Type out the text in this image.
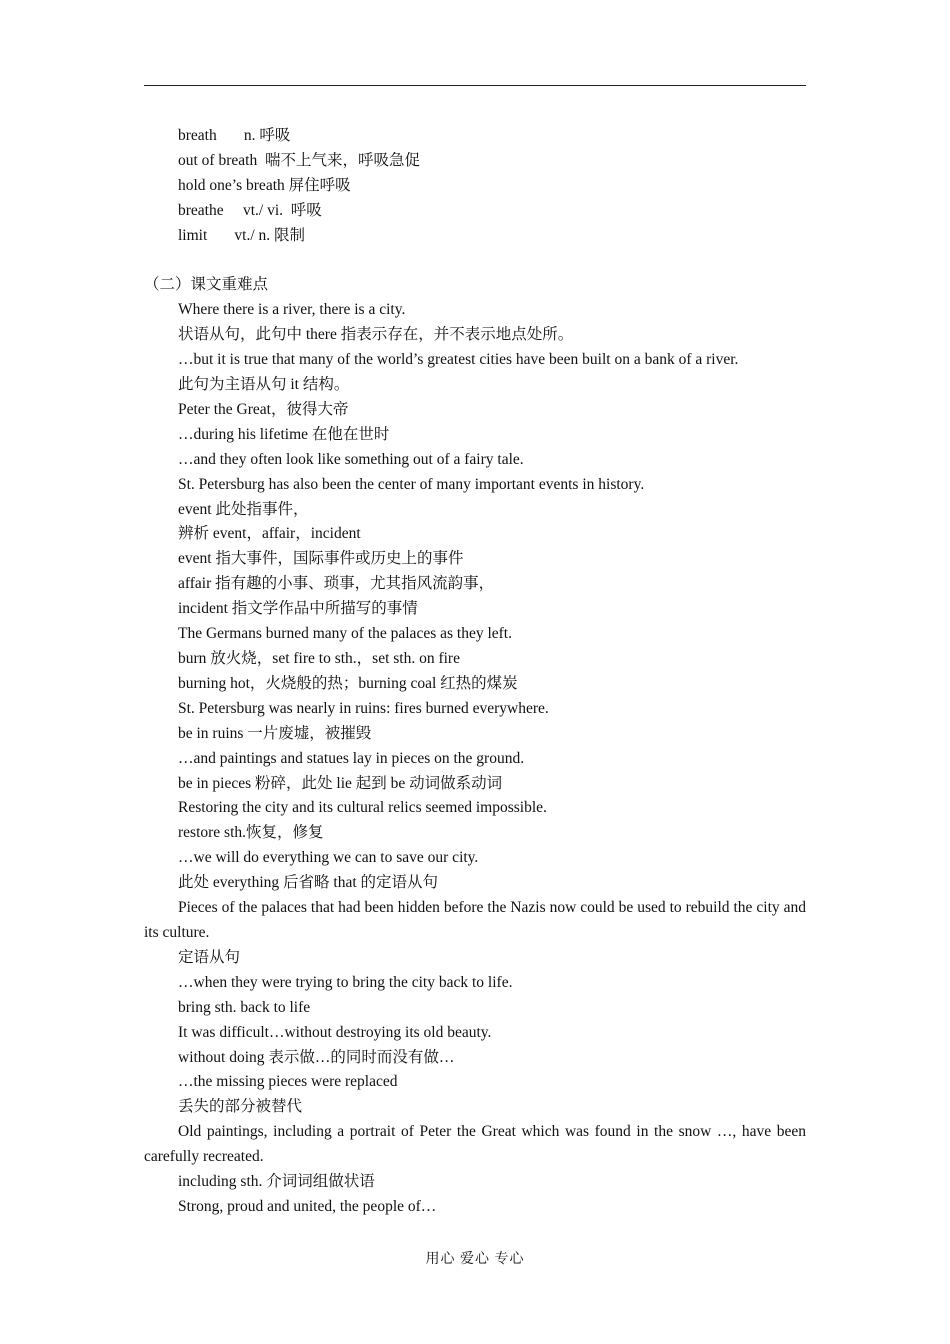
breath       n. 呼吸
out of breath  喘不上气来，呼吸急促
hold one’s breath 屏住呼吸
breathe     vt./ vi.  呼吸
limit       vt./ n. 限制
（二）课文重难点
Where there is a river, there is a city.
状语从句，此句中 there 指表示存在，并不表示地点处所。
…but it is true that many of the world’s greatest cities have been built on a bank of a river.
此句为主语从句 it 结构。
Peter the Great，彼得大帝
…during his lifetime 在他在世时
…and they often look like something out of a fairy tale.
St. Petersburg has also been the center of many important events in history.
event 此处指事件，
辨析 event，affair，incident
event 指大事件，国际事件或历史上的事件
affair 指有趣的小事、琐事，尤其指风流韵事，
incident 指文学作品中所描写的事情
The Germans burned many of the palaces as they left.
burn 放火烧，set fire to sth.，set sth. on fire
burning hot，火烧般的热；burning coal 红热的煤炭
St. Petersburg was nearly in ruins: fires burned everywhere.
be in ruins 一片废墟，被摧毁
…and paintings and statues lay in pieces on the ground.
be in pieces 粉碎，此处 lie 起到 be 动词做系动词
Restoring the city and its cultural relics seemed impossible.
restore sth.恢复，修复
…we will do everything we can to save our city.
此处 everything 后省略 that 的定语从句
Pieces of the palaces that had been hidden before the Nazis now could be used to rebuild the city and its culture.
定语从句
…when they were trying to bring the city back to life.
bring sth. back to life
It was difficult…without destroying its old beauty.
without doing 表示做…的同时而没有做…
…the missing pieces were replaced
丢失的部分被替代
Old paintings, including a portrait of Peter the Great which was found in the snow …, have been carefully recreated.
including sth. 介词词组做状语
Strong, proud and united, the people of…
用心 爱心 专心
